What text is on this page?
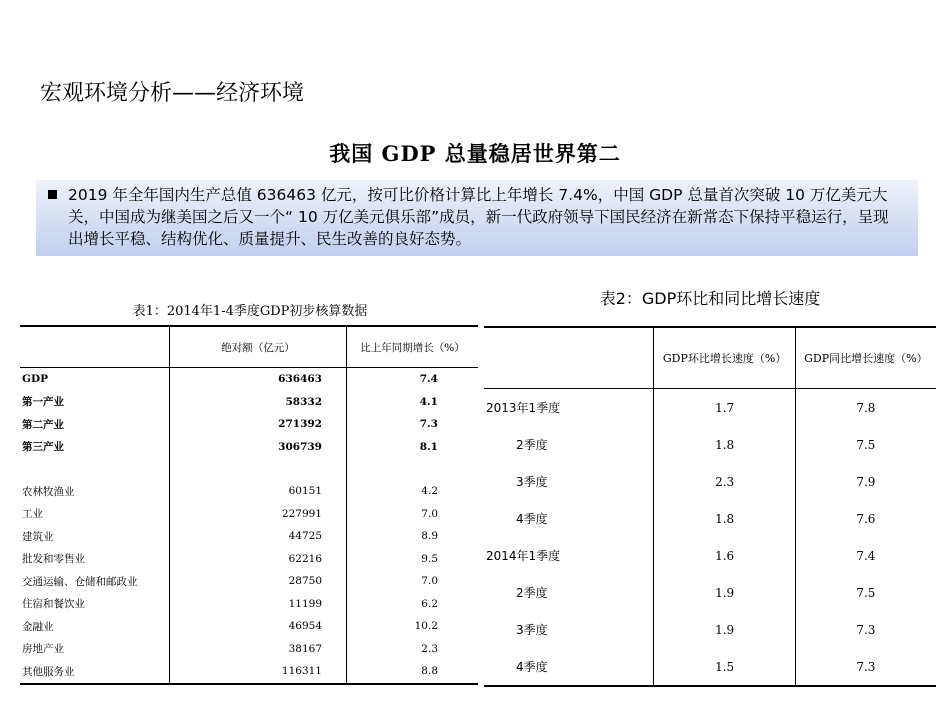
宏观环境分析——经济环境
我国 GDP 总量稳居世界第二

2019 年全年国内生产总值 636463 亿元，按可比价格计算比上年增长 7.4%，中国 GDP 总量首次突破 10 万亿美元大关，中国成为继美国之后又一个“ 10 万亿美元俱乐部”成员，新一代政府领导下国民经济在新常态下保持平稳运行，呈现出增长平稳、结构优化、质量提升、民生改善的良好态势。

表1：2014年1-4季度GDP初步核算数据
	绝对额（亿元）	比上年同期增长（%）
GDP	636463	7.4
第一产业	58332	4.1
第二产业	271392	7.3
第三产业	306739	8.1

农林牧渔业	60151	4.2
工业	227991	7.0
建筑业	44725	8.9
批发和零售业	62216	9.5
交通运输、仓储和邮政业	28750	7.0
住宿和餐饮业	11199	6.2
金融业	46954	10.2
房地产业	38167	2.3
其他服务业	116311	8.8
表2：GDP环比和同比增长速度
	GDP环比增长速度（%）	GDP同比增长速度（%）
2013年1季度	1.7	7.8
2季度	1.8	7.5
3季度	2.3	7.9
4季度	1.8	7.6
2014年1季度	1.6	7.4
2季度	1.9	7.5
3季度	1.9	7.3
4季度	1.5	7.3
